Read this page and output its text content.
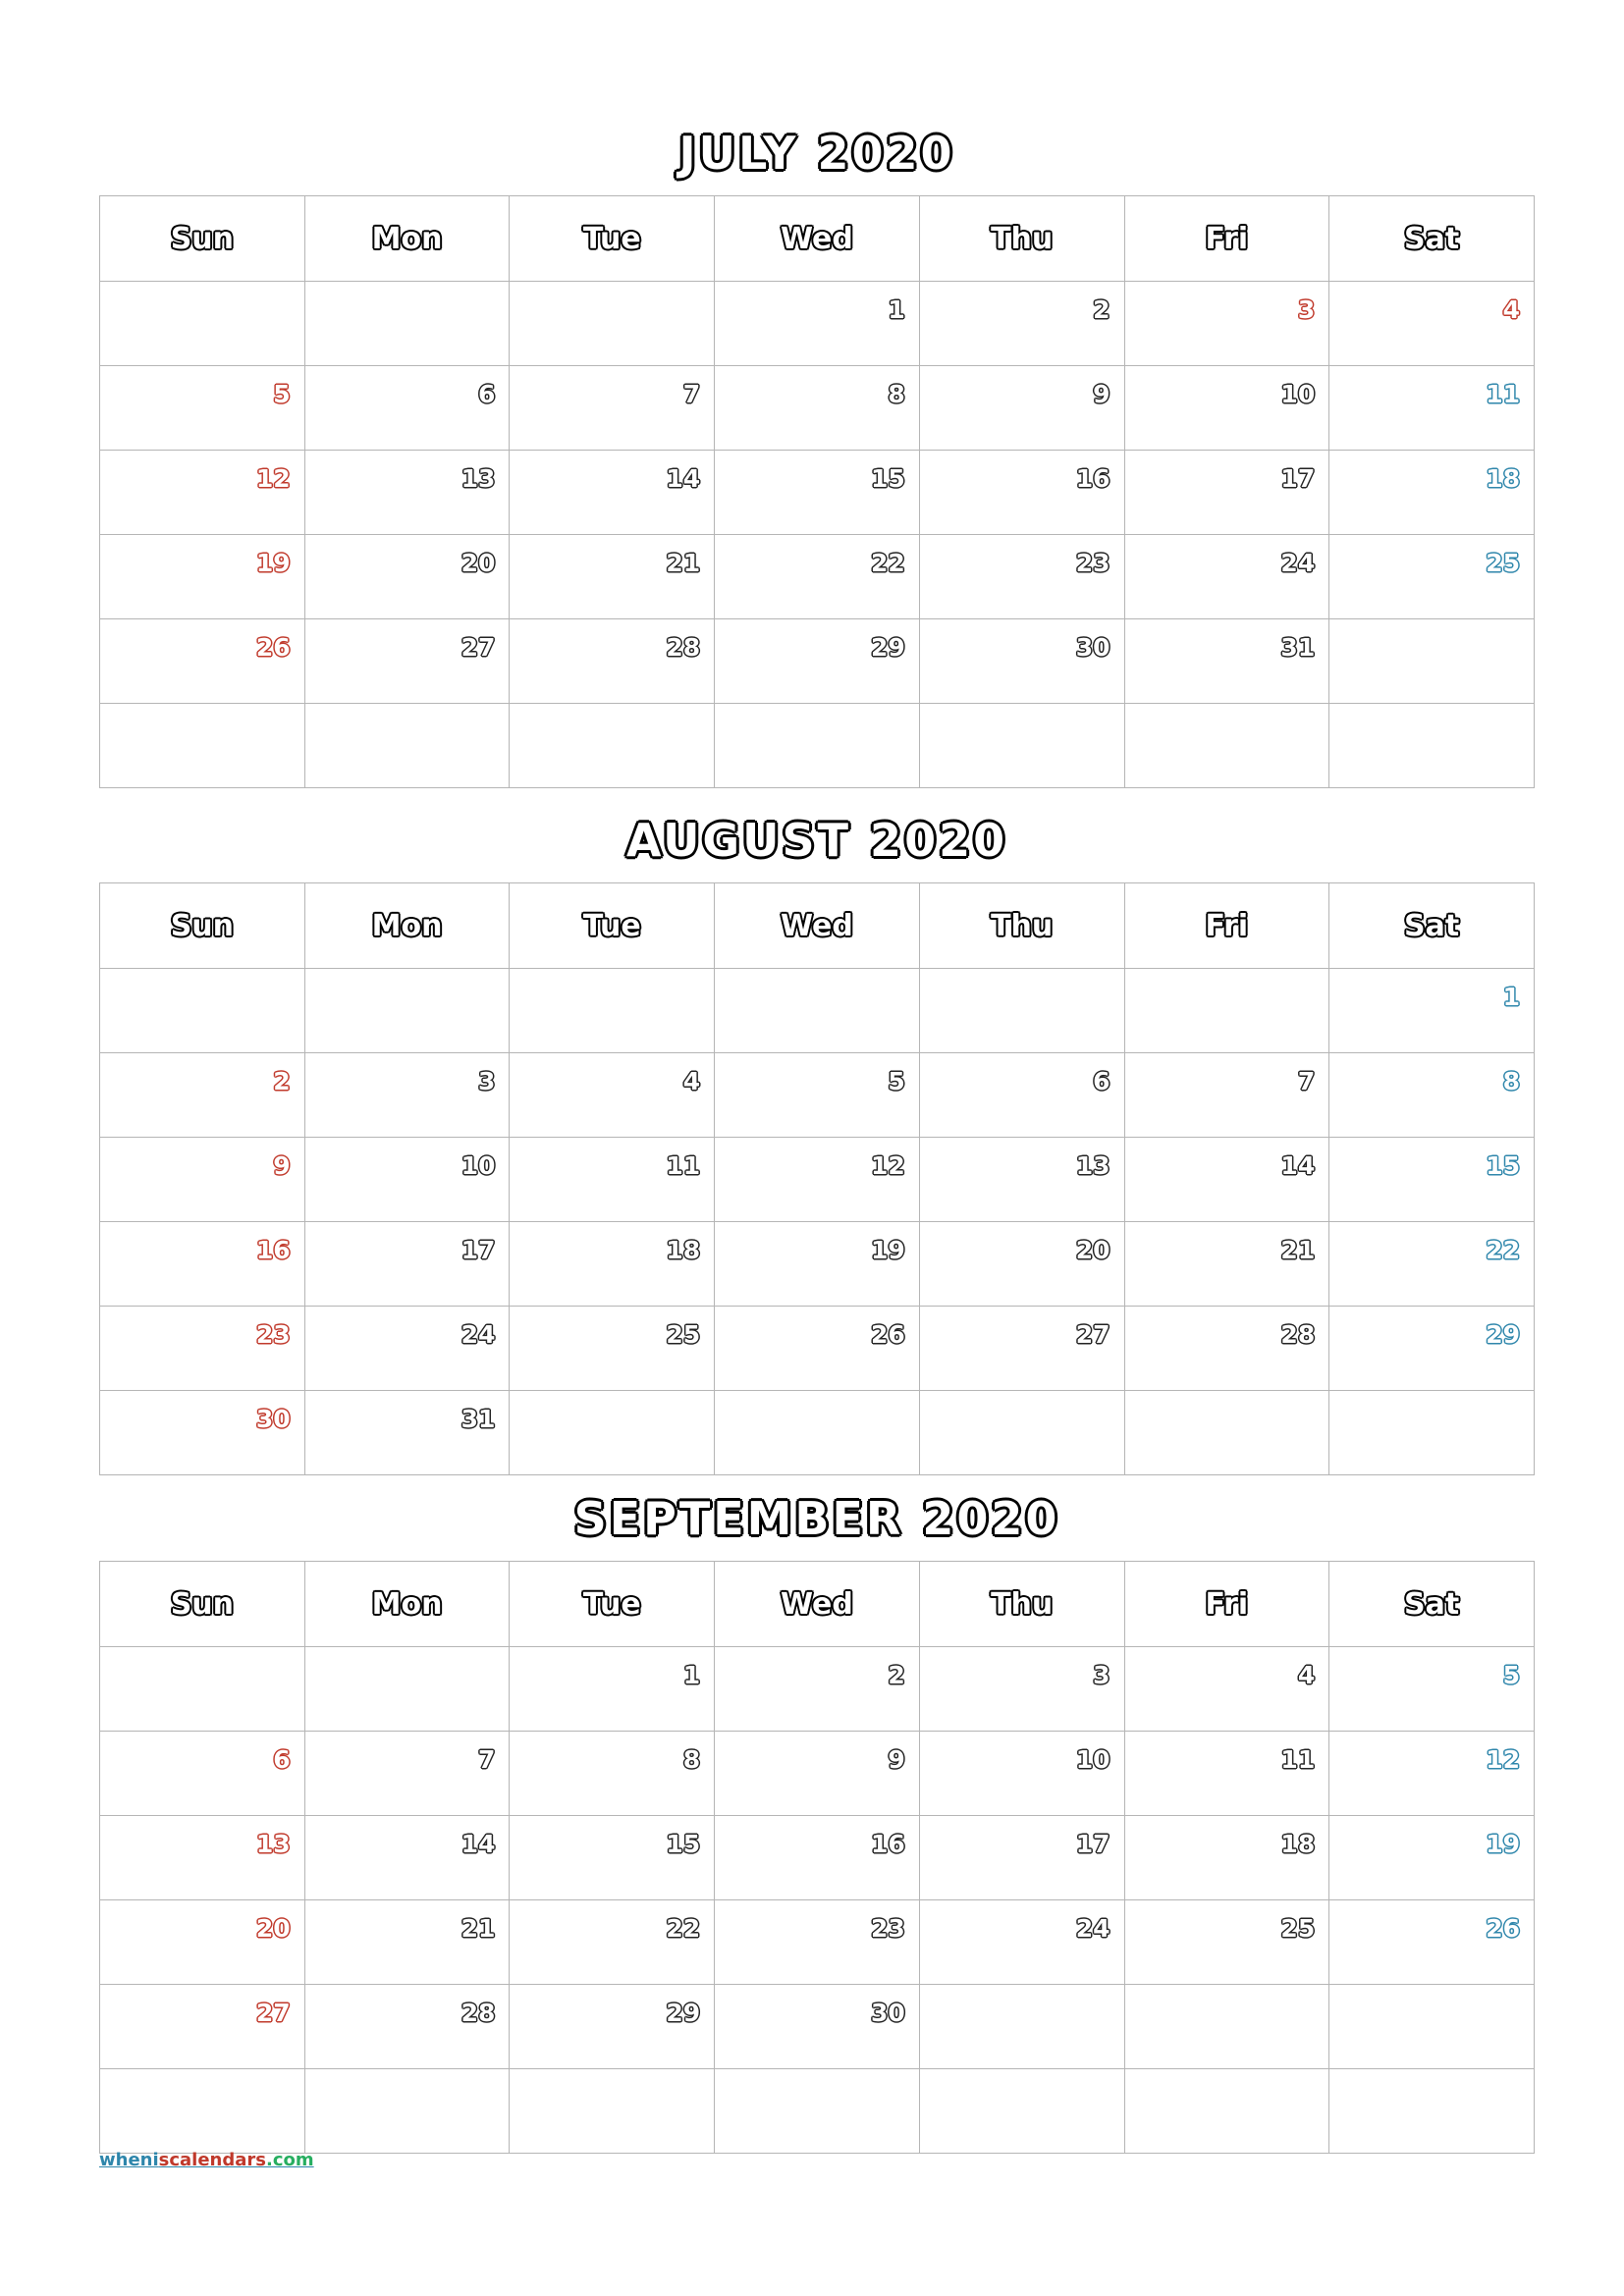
JULY 2020
Sun	Mon	Tue	Wed	Thu	Fri	Sat
			1	2	3	4
5	6	7	8	9	10	11
12	13	14	15	16	17	18
19	20	21	22	23	24	25
26	27	28	29	30	31	

AUGUST 2020
Sun	Mon	Tue	Wed	Thu	Fri	Sat
						1
2	3	4	5	6	7	8
9	10	11	12	13	14	15
16	17	18	19	20	21	22
23	24	25	26	27	28	29
30	31					
SEPTEMBER 2020
Sun	Mon	Tue	Wed	Thu	Fri	Sat
		1	2	3	4	5
6	7	8	9	10	11	12
13	14	15	16	17	18	19
20	21	22	23	24	25	26
27	28	29	30			

wheniscalendars.com
